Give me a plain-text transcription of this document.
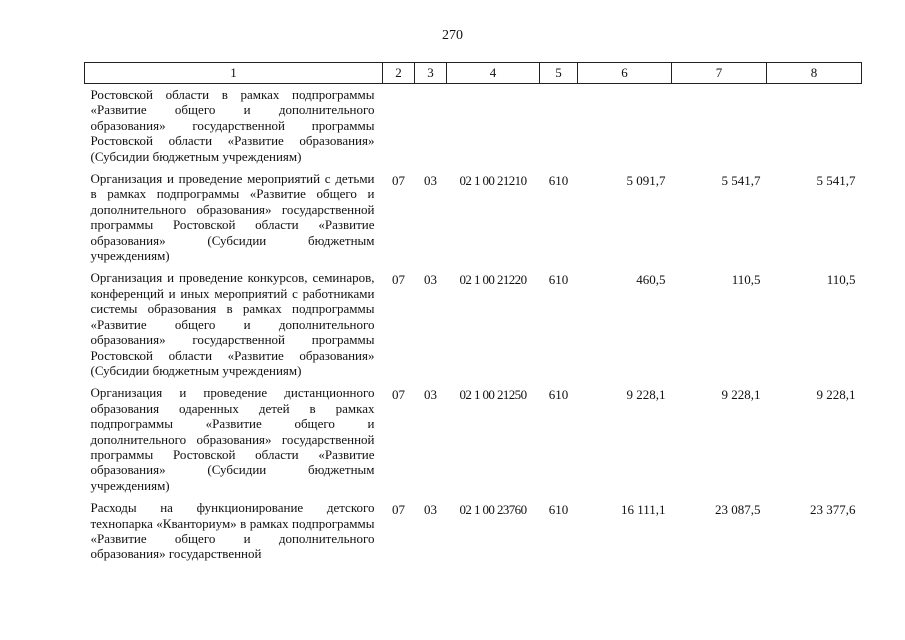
270
1	2	3	4	5	6	7	8
Ростовской области в рамках подпрограммы «Развитие общего и дополнительного образования» государственной программы Ростовской области «Развитие образования» (Субсидии бюджетным учреждениям)							
Организация и проведение мероприятий с детьми в рамках подпрограммы «Развитие общего и дополнительного образования» государственной программы Ростовской области «Развитие образования» (Субсидии бюджетным учреждениям)	07	03	02 1 00 21210	610	5 091,7	5 541,7	5 541,7
Организация и проведение конкурсов, семинаров, конференций и иных мероприятий с работниками системы образования в рамках подпрограммы «Развитие общего и дополнительного образования» государственной программы Ростовской области «Развитие образования» (Субсидии бюджетным учреждениям)	07	03	02 1 00 21220	610	460,5	110,5	110,5
Организация и проведение дистанционного образования одаренных детей в рамках подпрограммы «Развитие общего и дополнительного образования» государственной программы Ростовской области «Развитие образования» (Субсидии бюджетным учреждениям)	07	03	02 1 00 21250	610	9 228,1	9 228,1	9 228,1
Расходы на функционирование детского технопарка «Кванториум» в рамках подпрограммы «Развитие общего и дополнительного образования» государственной	07	03	02 1 00 23760	610	16 111,1	23 087,5	23 377,6
